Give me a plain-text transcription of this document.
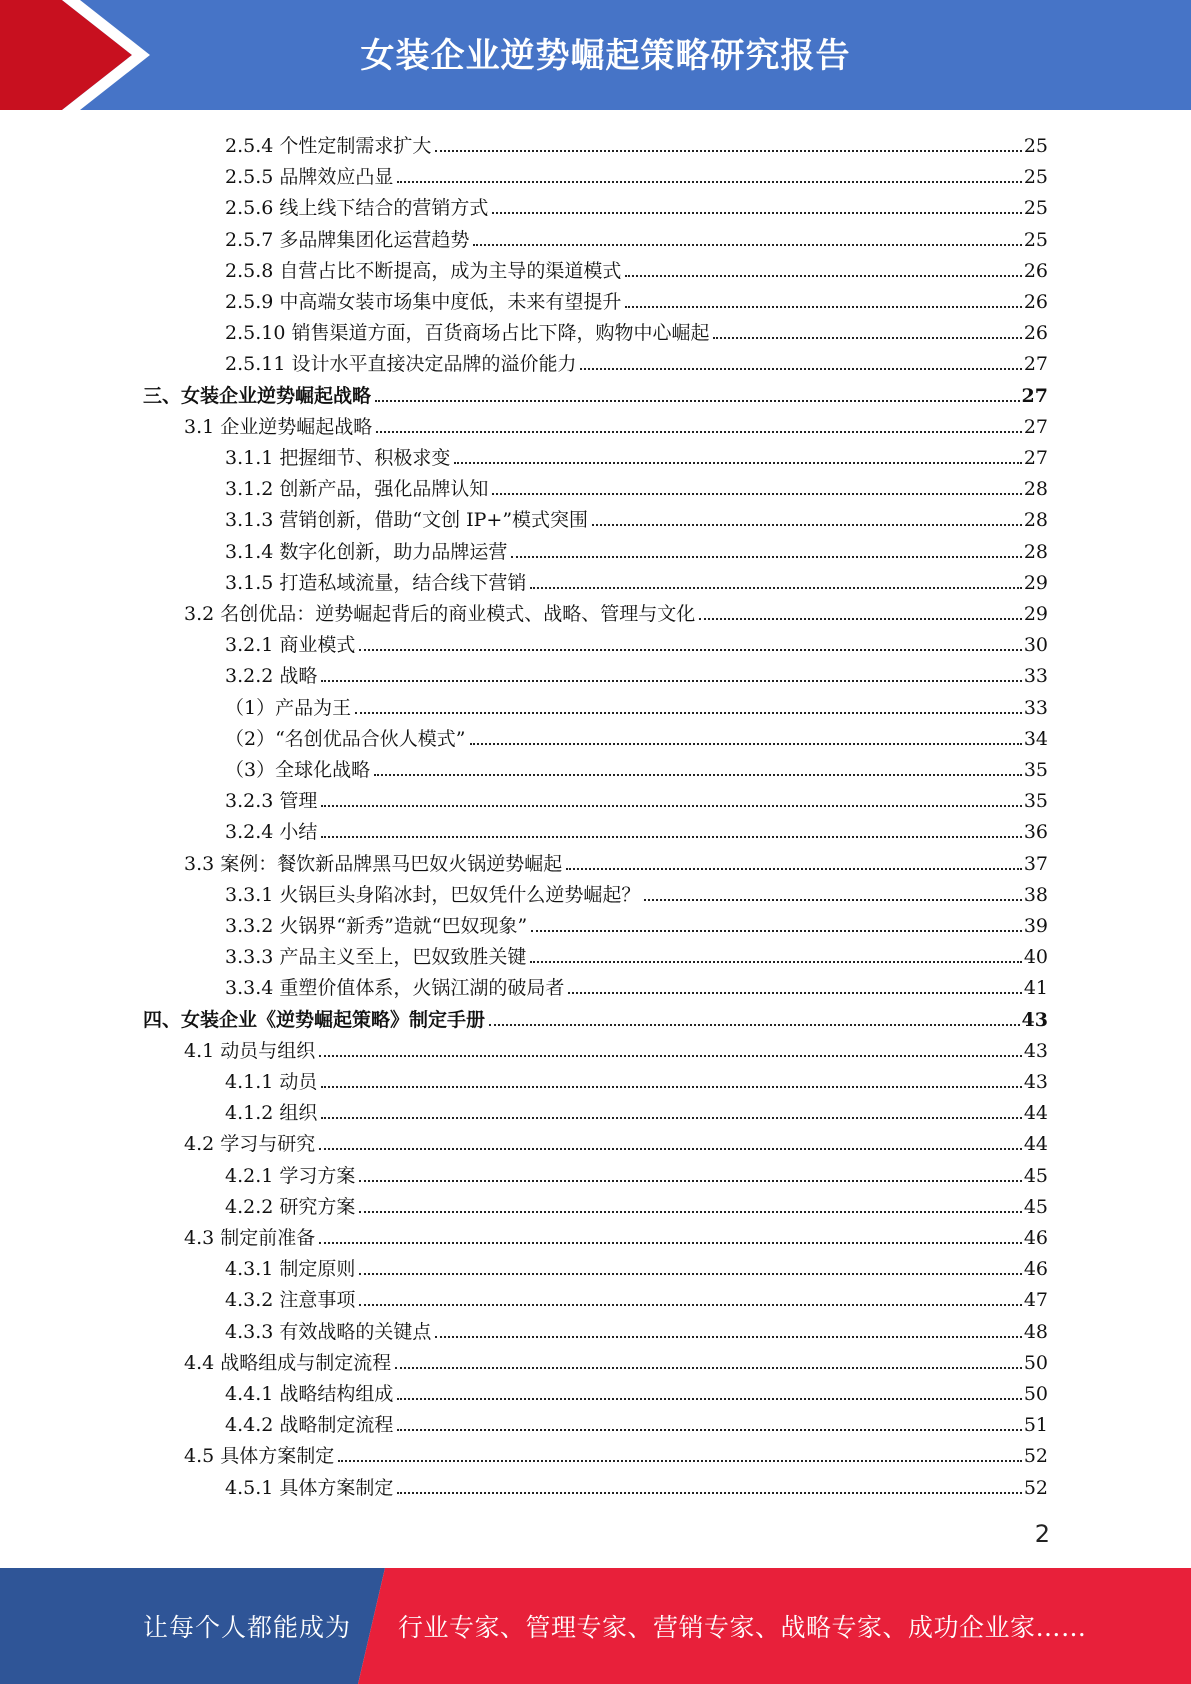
女装企业逆势崛起策略研究报告
2.5.4 个性定制需求扩大	25
2.5.5 品牌效应凸显	25
2.5.6 线上线下结合的营销方式	25
2.5.7 多品牌集团化运营趋势	25
2.5.8 自营占比不断提高，成为主导的渠道模式	26
2.5.9 中高端女装市场集中度低，未来有望提升	26
2.5.10 销售渠道方面，百货商场占比下降，购物中心崛起	26
2.5.11 设计水平直接决定品牌的溢价能力	27
三、女装企业逆势崛起战略	27
3.1 企业逆势崛起战略	27
3.1.1 把握细节、积极求变	27
3.1.2 创新产品，强化品牌认知	28
3.1.3 营销创新，借助“文创 IP+”模式突围	28
3.1.4 数字化创新，助力品牌运营	28
3.1.5 打造私域流量，结合线下营销	29
3.2 名创优品：逆势崛起背后的商业模式、战略、管理与文化	29
3.2.1 商业模式	30
3.2.2 战略	33
（1）产品为王	33
（2）“名创优品合伙人模式”	34
（3）全球化战略	35
3.2.3 管理	35
3.2.4 小结	36
3.3 案例：餐饮新品牌黑马巴奴火锅逆势崛起	37
3.3.1 火锅巨头身陷冰封，巴奴凭什么逆势崛起？	38
3.3.2 火锅界“新秀”造就“巴奴现象”	39
3.3.3 产品主义至上，巴奴致胜关键	40
3.3.4 重塑价值体系，火锅江湖的破局者	41
四、女装企业《逆势崛起策略》制定手册	43
4.1 动员与组织	43
4.1.1 动员	43
4.1.2 组织	44
4.2 学习与研究	44
4.2.1 学习方案	45
4.2.2 研究方案	45
4.3 制定前准备	46
4.3.1 制定原则	46
4.3.2 注意事项	47
4.3.3 有效战略的关键点	48
4.4 战略组成与制定流程	50
4.4.1 战略结构组成	50
4.4.2 战略制定流程	51
4.5 具体方案制定	52
4.5.1 具体方案制定	52
2
让每个人都能成为 行业专家、管理专家、营销专家、战略专家、成功企业家……
